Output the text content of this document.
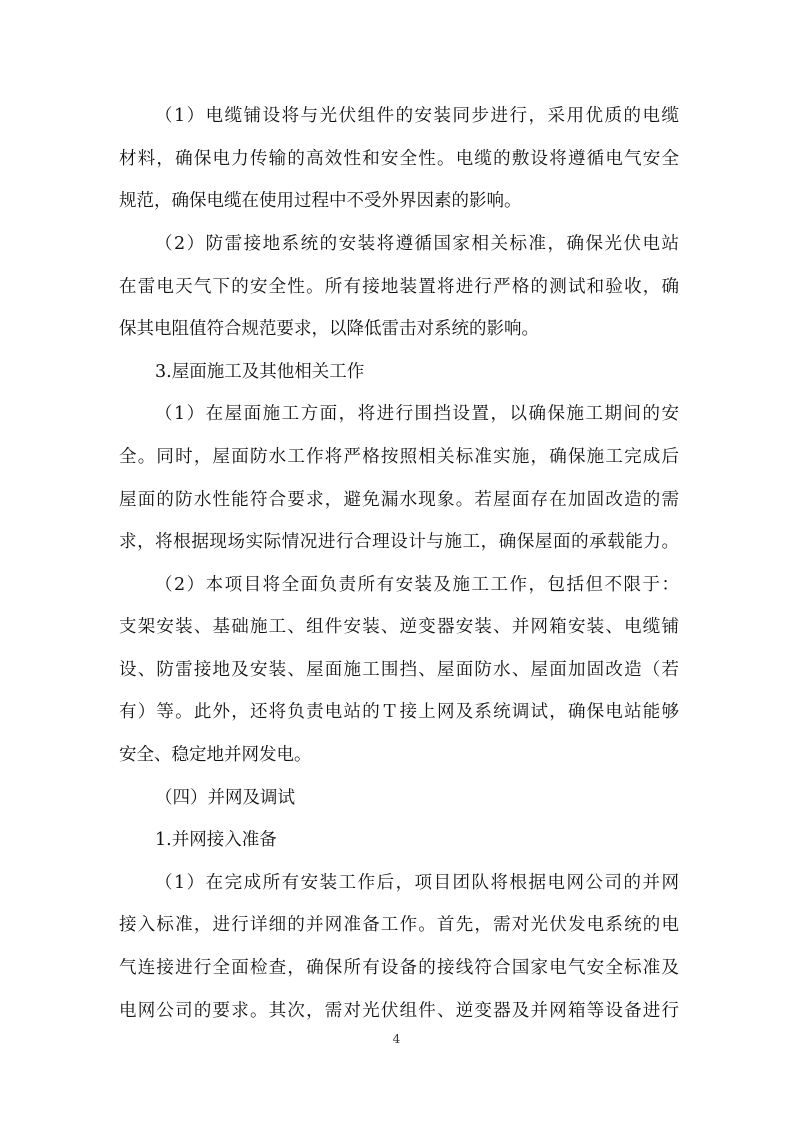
（1）电缆铺设将与光伏组件的安装同步进行，采用优质的电缆
材料，确保电力传输的高效性和安全性。电缆的敷设将遵循电气安全
规范，确保电缆在使用过程中不受外界因素的影响。
（2）防雷接地系统的安装将遵循国家相关标准，确保光伏电站
在雷电天气下的安全性。所有接地装置将进行严格的测试和验收，确
保其电阻值符合规范要求，以降低雷击对系统的影响。
3.屋面施工及其他相关工作
（1）在屋面施工方面，将进行围挡设置，以确保施工期间的安
全。同时，屋面防水工作将严格按照相关标准实施，确保施工完成后
屋面的防水性能符合要求，避免漏水现象。若屋面存在加固改造的需
求，将根据现场实际情况进行合理设计与施工，确保屋面的承载能力。
（2）本项目将全面负责所有安装及施工工作，包括但不限于：
支架安装、基础施工、组件安装、逆变器安装、并网箱安装、电缆铺
设、防雷接地及安装、屋面施工围挡、屋面防水、屋面加固改造（若
有）等。此外，还将负责电站的Ｔ接上网及系统调试，确保电站能够
安全、稳定地并网发电。
（四）并网及调试
1.并网接入准备
（1）在完成所有安装工作后，项目团队将根据电网公司的并网
接入标准，进行详细的并网准备工作。首先，需对光伏发电系统的电
气连接进行全面检查，确保所有设备的接线符合国家电气安全标准及
电网公司的要求。其次，需对光伏组件、逆变器及并网箱等设备进行
4
